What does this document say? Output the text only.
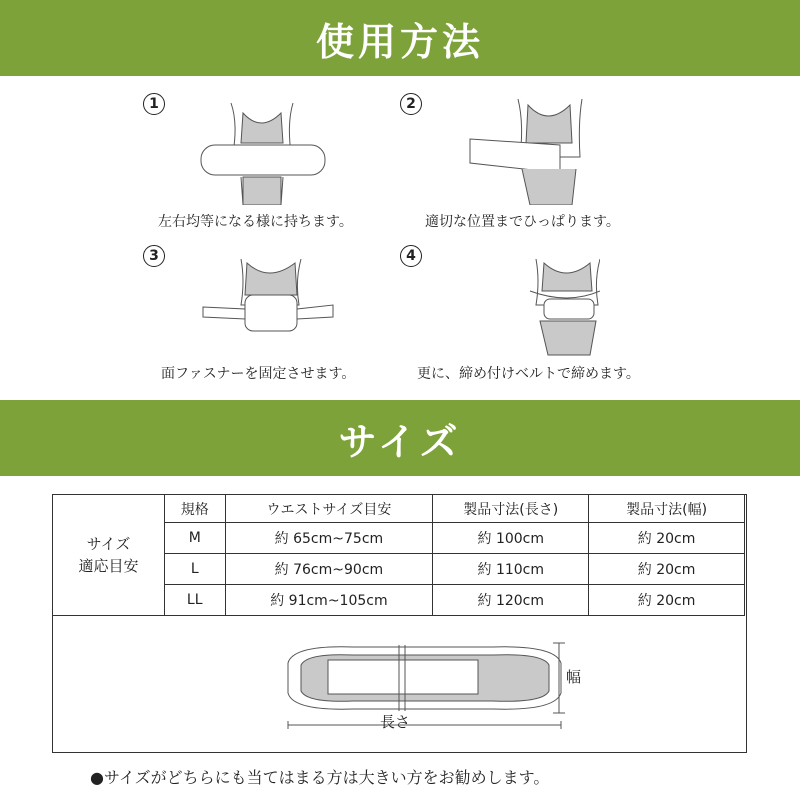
使用方法
1
左右均等になる様に持ちます。
2
適切な位置までひっぱります。
3
面ファスナーを固定させます。
4
更に、締め付けベルトで締めます。
サイズ
サイズ
適応目安	規格	ウエストサイズ目安	製品寸法(長さ)	製品寸法(幅)
	M	約 65cm~75cm	約 100cm	約 20cm
	L	約 76cm~90cm	約 110cm	約 20cm
	LL	約 91cm~105cm	約 120cm	約 20cm
長さ
幅
●サイズがどちらにも当てはまる方は大きい方をお勧めします。
